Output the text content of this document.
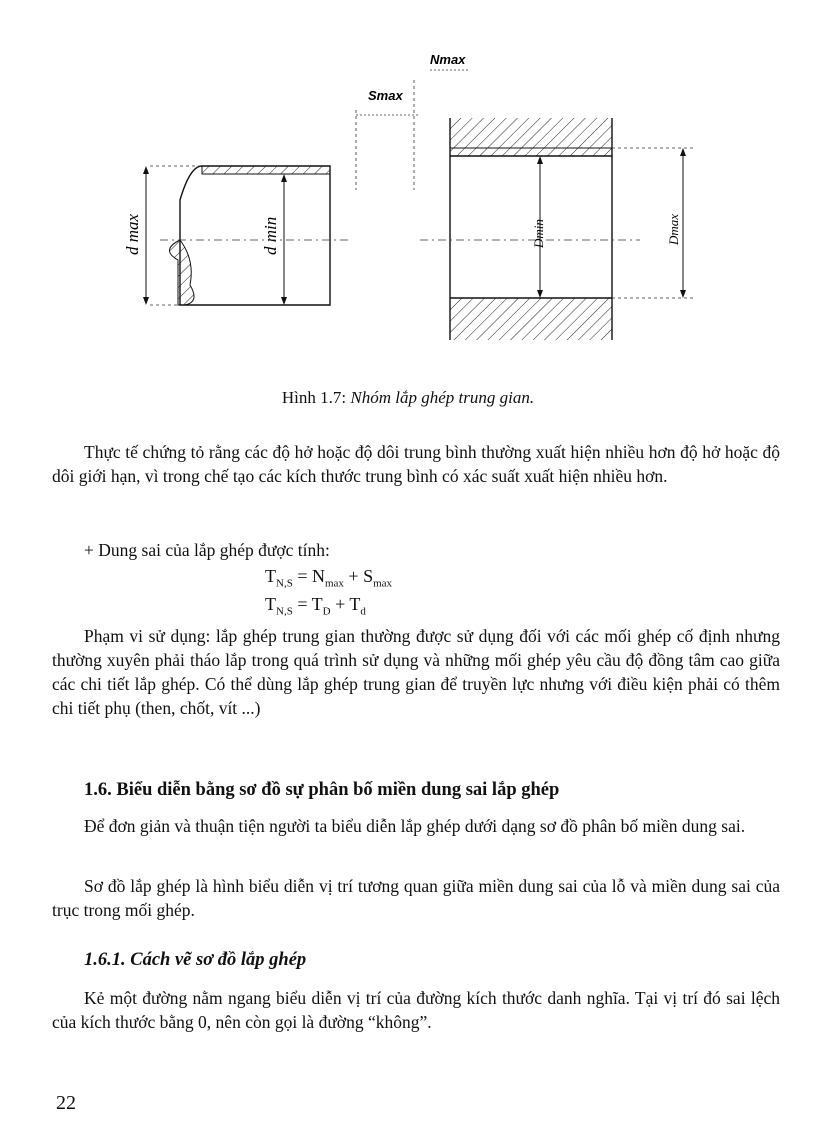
Nmax
Smax
d max	d min	Dmin	Dmax
Hình 1.7: Nhóm lắp ghép trung gian.

Thực tế chứng tỏ rằng các độ hở hoặc độ dôi trung bình thường xuất hiện nhiều hơn độ hở hoặc độ dôi giới hạn, vì trong chế tạo các kích thước trung bình có xác suất xuất hiện nhiều hơn.

+ Dung sai của lắp ghép được tính:

$T_{N,S} = N_{max} + S_{max}$
$T_{N,S} = T_D + T_d$

Phạm vi sử dụng: lắp ghép trung gian thường được sử dụng đối với các mối ghép cố định nhưng thường xuyên phải tháo lắp trong quá trình sử dụng và những mối ghép yêu cầu độ đồng tâm cao giữa các chi tiết lắp ghép. Có thể dùng lắp ghép trung gian để truyền lực nhưng với điều kiện phải có thêm chi tiết phụ (then, chốt, vít ...)

1.6. Biểu diễn bằng sơ đồ sự phân bố miền dung sai lắp ghép

Để đơn giản và thuận tiện người ta biểu diễn lắp ghép dưới dạng sơ đồ phân bố miền dung sai.

Sơ đồ lắp ghép là hình biểu diễn vị trí tương quan giữa miền dung sai của lỗ và miền dung sai của trục trong mối ghép.

1.6.1. Cách vẽ sơ đồ lắp ghép

Kẻ một đường nằm ngang biểu diễn vị trí của đường kích thước danh nghĩa. Tại vị trí đó sai lệch của kích thước bằng 0, nên còn gọi là đường “không”.

22
